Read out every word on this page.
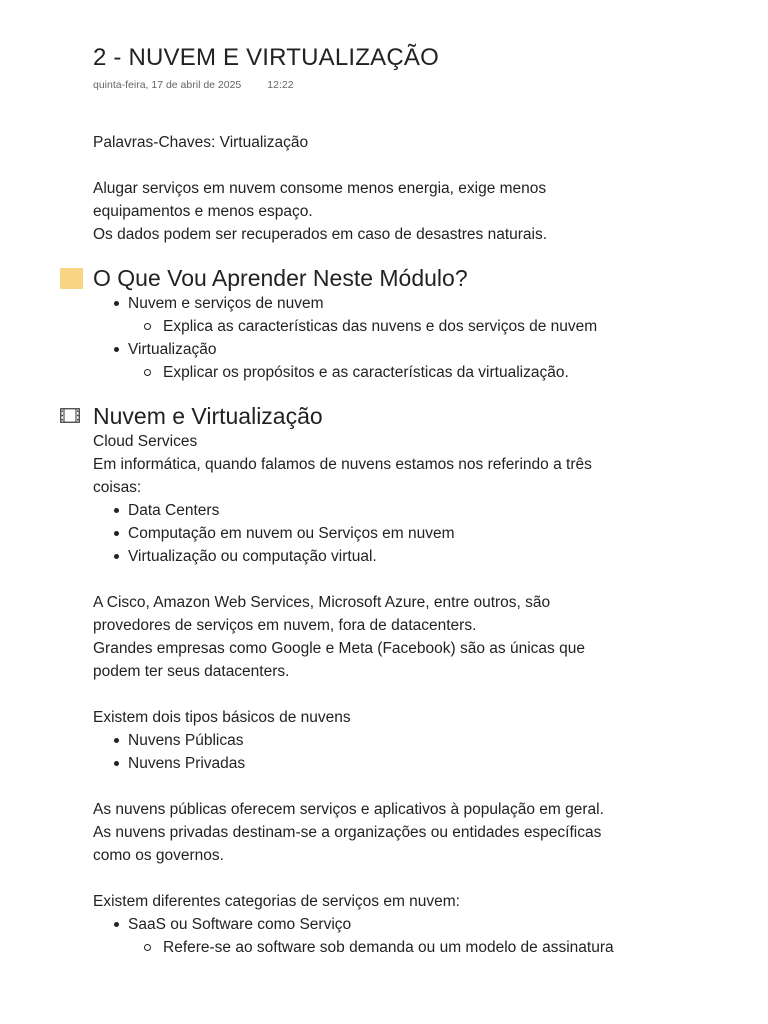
2 - NUVEM E VIRTUALIZAÇÃO
quinta-feira, 17 de abril de 2025 12:22

Palavras-Chaves: Virtualização

Alugar serviços em nuvem consome menos energia, exige menos

equipamentos e menos espaço.

Os dados podem ser recuperados em caso de desastres naturais.

O Que Vou Aprender Neste Módulo?
Nuvem e serviços de nuvem
Explica as características das nuvens e dos serviços de nuvem
Virtualização
Explicar os propósitos e as características da virtualização.
Nuvem e Virtualização

Cloud Services

Em informática, quando falamos de nuvens estamos nos referindo a três

coisas:

Data Centers
Computação em nuvem ou Serviços em nuvem
Virtualização ou computação virtual.

A Cisco, Amazon Web Services, Microsoft Azure, entre outros, são

provedores de serviços em nuvem, fora de datacenters.

Grandes empresas como Google e Meta (Facebook) são as únicas que

podem ter seus datacenters.

Existem dois tipos básicos de nuvens

Nuvens Públicas
Nuvens Privadas

As nuvens públicas oferecem serviços e aplicativos à população em geral.

As nuvens privadas destinam-se a organizações ou entidades específicas

como os governos.

Existem diferentes categorias de serviços em nuvem:

SaaS ou Software como Serviço
Refere-se ao software sob demanda ou um modelo de assinatura
